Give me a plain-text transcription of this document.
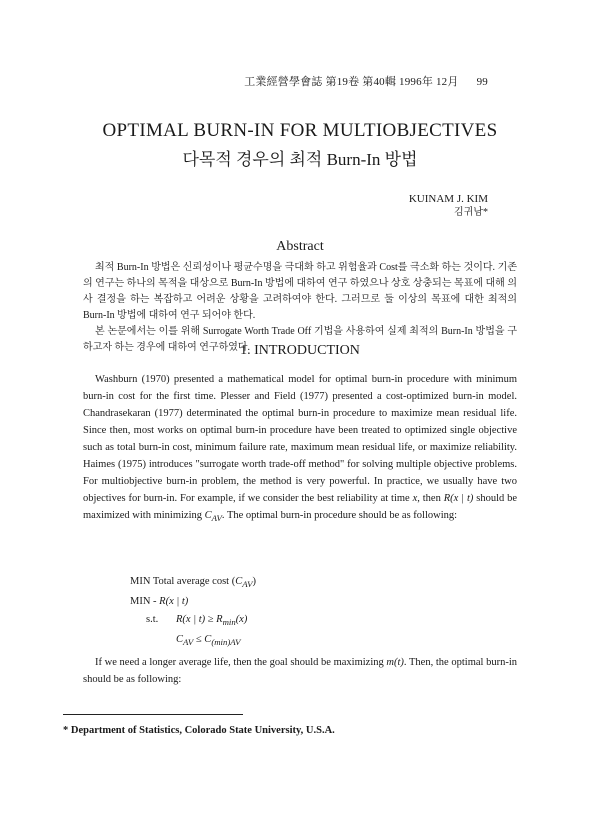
工業經營學會誌 第19卷 第40輯 1996年 12月 99
OPTIMAL BURN-IN FOR MULTIOBJECTIVES
다목적 경우의 최적 Burn-In 방법
KUINAM J. KIM
김귀남*
Abstract

최적 Burn-In 방법은 신뢰성이나 평균수명을 극대화 하고 위험율과 Cost를 극소화 하는 것이다. 기존의 연구는 하나의 목적을 대상으로 Burn-In 방법에 대하여 연구 하였으나 상호 상충되는 목표에 대해 의사 결정을 하는 복잡하고 어려운 상황을 고려하여야 한다. 그러므로 둘 이상의 목표에 대한 최적의 Burn-In 방법에 대하여 연구 되어야 한다.

본 논문에서는 이를 위해 Surrogate Worth Trade Off 기법을 사용하여 실제 최적의 Burn-In 방법을 구하고자 하는 경우에 대하여 연구하였다.

1. INTRODUCTION

Washburn (1970) presented a mathematical model for optimal burn-in procedure with minimum burn-in cost for the first time. Plesser and Field (1977) presented a cost-optimized burn-in model. Chandrasekaran (1977) determinated the optimal burn-in procedure to maximize mean residual life. Since then, most works on optimal burn-in procedure have been treated to optimized single objective such as total burn-in cost, minimum failure rate, maximum mean residual life, or maximize reliability. Haimes (1975) introduces "surrogate worth trade-off method" for solving multiple objective problems. For multiobjective burn-in problem, the method is very powerful. In practice, we usually have two objectives for burn-in. For example, if we consider the best reliability at time x, then R(x | t) should be maximized with minimizing $C_{AV}$. The optimal burn-in procedure should be as following:

MIN Total average cost $(C_{AV})$
MIN - R(x | t)
s.t. R(x | $t) \ge R_{min}(x)$
$C_{AV} \le C_{(min)AV}$

If we need a longer average life, then the goal should be maximizing m(t). Then, the optimal burn-in should be as following:

* Department of Statistics, Colorado State University, U.S.A.
